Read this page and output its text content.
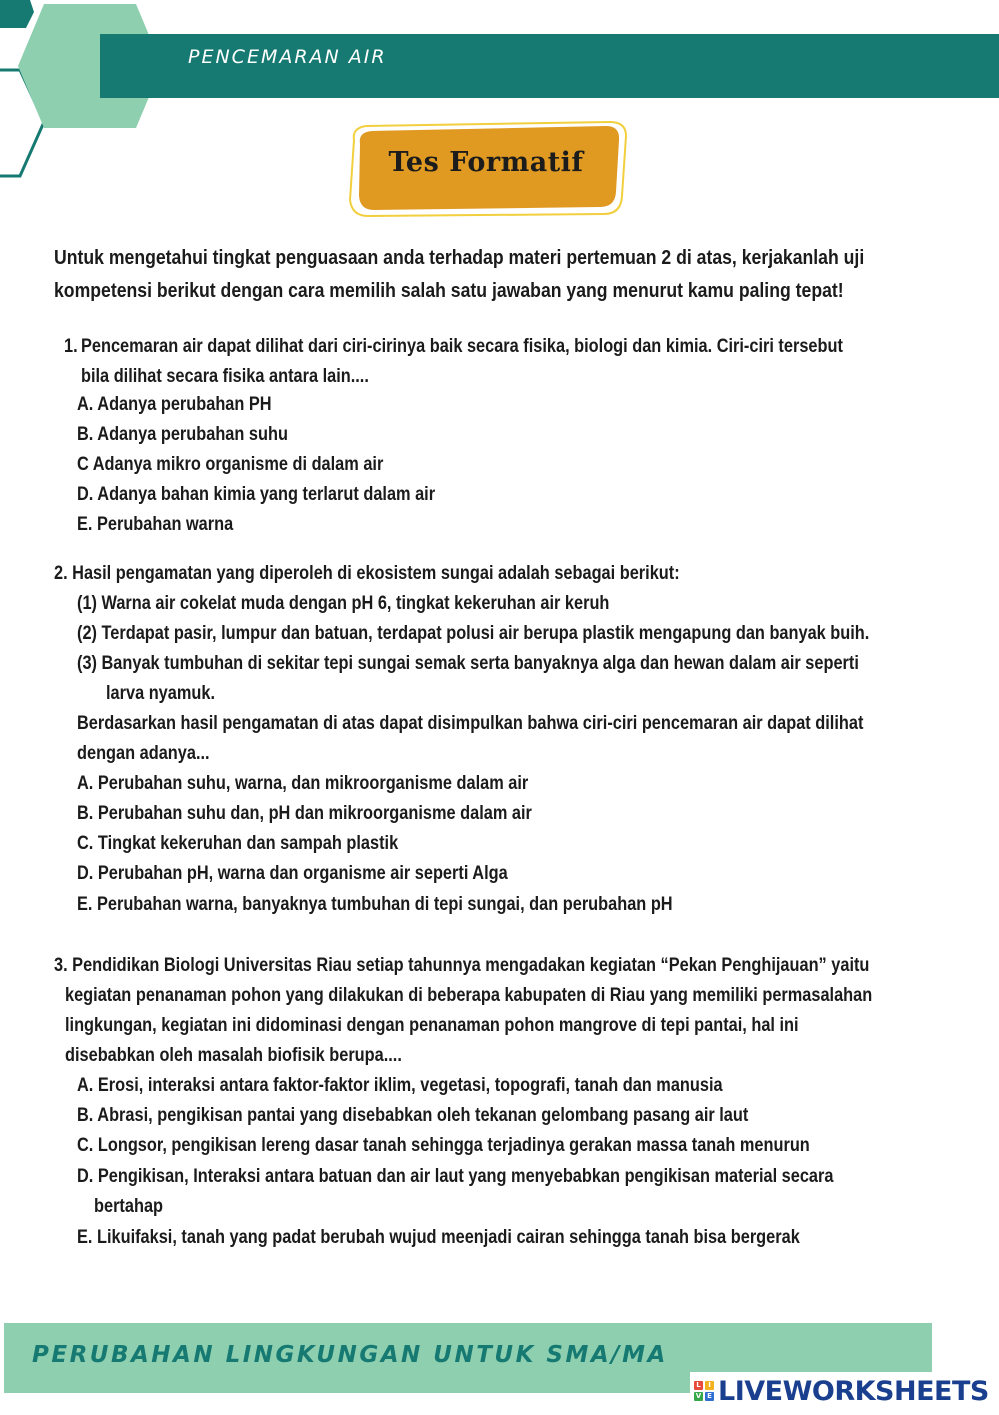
PENCEMARAN AIR
Tes Formatif
Untuk mengetahui tingkat penguasaan anda terhadap materi pertemuan 2 di atas, kerjakanlah uji
kompetensi berikut dengan cara memilih salah satu jawaban yang menurut kamu paling tepat!
1. Pencemaran air dapat dilihat dari ciri-cirinya baik secara fisika, biologi dan kimia. Ciri-ciri tersebut
bila dilihat secara fisika antara lain....
A. Adanya perubahan PH
B. Adanya perubahan suhu
C Adanya mikro organisme di dalam air
D. Adanya bahan kimia yang terlarut dalam air
E. Perubahan warna
2. Hasil pengamatan yang diperoleh di ekosistem sungai adalah sebagai berikut:
(1) Warna air cokelat muda dengan pH 6, tingkat kekeruhan air keruh
(2) Terdapat pasir, lumpur dan batuan, terdapat polusi air berupa plastik mengapung dan banyak buih.
(3) Banyak tumbuhan di sekitar tepi sungai semak serta banyaknya alga dan hewan dalam air seperti
larva nyamuk.
Berdasarkan hasil pengamatan di atas dapat disimpulkan bahwa ciri-ciri pencemaran air dapat dilihat
dengan adanya...
A. Perubahan suhu, warna, dan mikroorganisme dalam air
B. Perubahan suhu dan, pH dan mikroorganisme dalam air
C. Tingkat kekeruhan dan sampah plastik
D. Perubahan pH, warna dan organisme air seperti Alga
E. Perubahan warna, banyaknya tumbuhan di tepi sungai, dan perubahan pH
3. Pendidikan Biologi Universitas Riau setiap tahunnya mengadakan kegiatan “Pekan Penghijauan” yaitu
kegiatan penanaman pohon yang dilakukan di beberapa kabupaten di Riau yang memiliki permasalahan
lingkungan, kegiatan ini didominasi dengan penanaman pohon mangrove di tepi pantai, hal ini
disebabkan oleh masalah biofisik berupa....
A. Erosi, interaksi antara faktor-faktor iklim, vegetasi, topografi, tanah dan manusia
B. Abrasi, pengikisan pantai yang disebabkan oleh tekanan gelombang pasang air laut
C. Longsor, pengikisan lereng dasar tanah sehingga terjadinya gerakan massa tanah menurun
D. Pengikisan, Interaksi antara batuan dan air laut yang menyebabkan pengikisan material secara
bertahap
E. Likuifaksi, tanah yang padat berubah wujud meenjadi cairan sehingga tanah bisa bergerak
PERUBAHAN LINGKUNGAN UNTUK SMA/MA
L	I
V E LIVEWORKSHEETS
